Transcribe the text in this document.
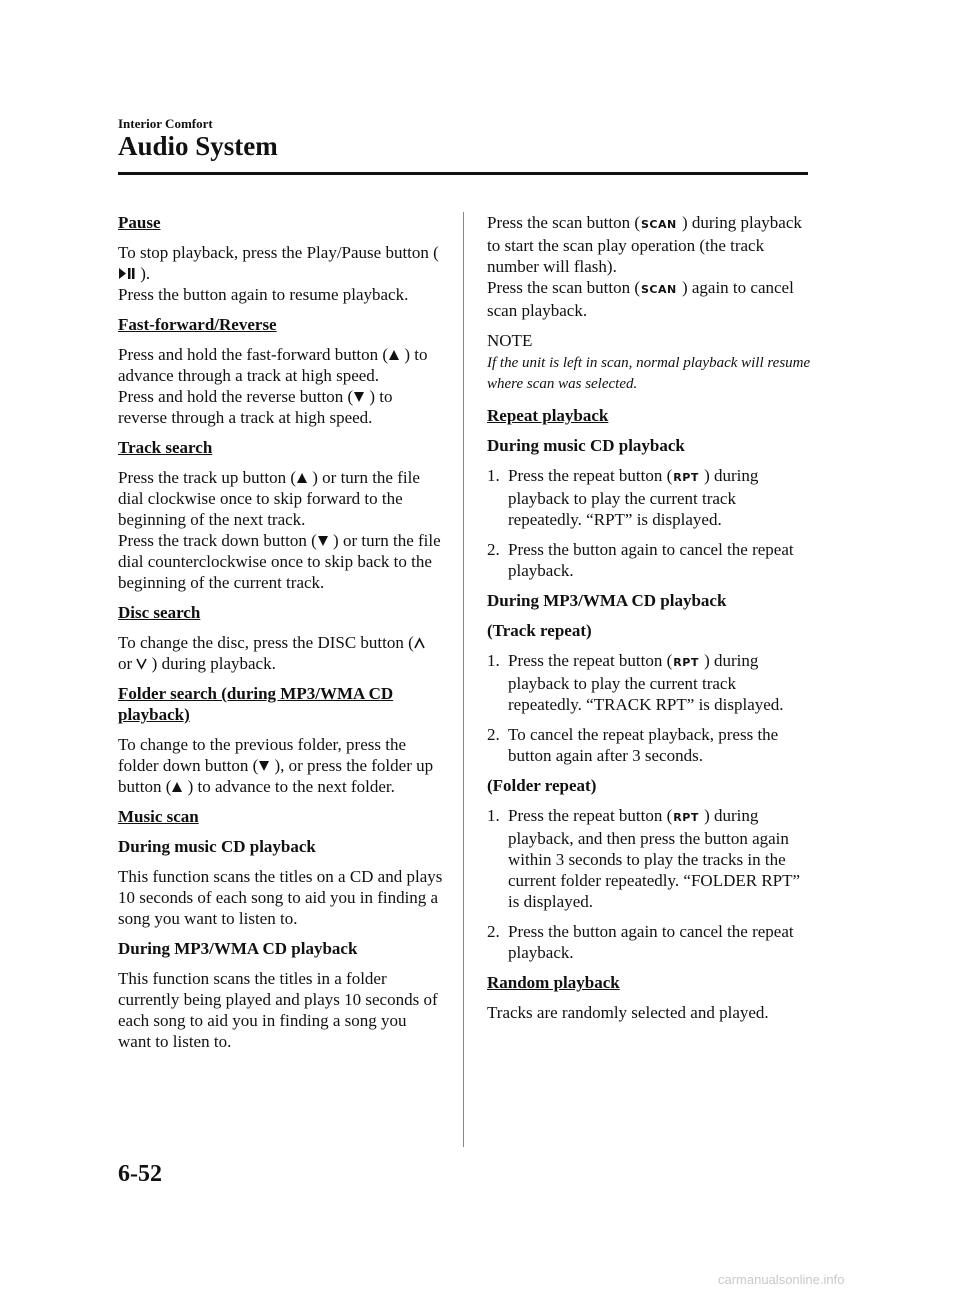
Interior Comfort
Audio System
Pause
To stop playback, press the Play/Pause button ( ).
Press the button again to resume playback.
Fast-forward/Reverse
Press and hold the fast-forward button ( ) to advance through a track at high speed.
Press and hold the reverse button ( ) to reverse through a track at high speed.
Track search
Press the track up button ( ) or turn the file dial clockwise once to skip forward to the beginning of the next track.
Press the track down button ( ) or turn the file dial counterclockwise once to skip back to the beginning of the current track.
Disc search
To change the disc, press the DISC button ( or  ) during playback.
Folder search (during MP3/WMA CD playback)
To change to the previous folder, press the folder down button ( ), or press the folder up button ( ) to advance to the next folder.
Music scan
During music CD playback
This function scans the titles on a CD and plays 10 seconds of each song to aid you in finding a song you want to listen to.
During MP3/WMA CD playback
This function scans the titles in a folder currently being played and plays 10 seconds of each song to aid you in finding a song you want to listen to.
Press the scan button (SCAN ) during playback to start the scan play operation (the track number will flash).
Press the scan button (SCAN ) again to cancel scan playback.
NOTE
If the unit is left in scan, normal playback will resume where scan was selected.
Repeat playback
During music CD playback
1. Press the repeat button (RPT ) during playback to play the current track repeatedly. “RPT” is displayed.
2. Press the button again to cancel the repeat playback.
During MP3/WMA CD playback
(Track repeat)
1. Press the repeat button (RPT ) during playback to play the current track repeatedly. “TRACK RPT” is displayed.
2. To cancel the repeat playback, press the button again after 3 seconds.
(Folder repeat)
1. Press the repeat button (RPT ) during playback, and then press the button again within 3 seconds to play the tracks in the current folder repeatedly. “FOLDER RPT” is displayed.
2. Press the button again to cancel the repeat playback.
Random playback
Tracks are randomly selected and played.
6-52
carmanualsonline.info
